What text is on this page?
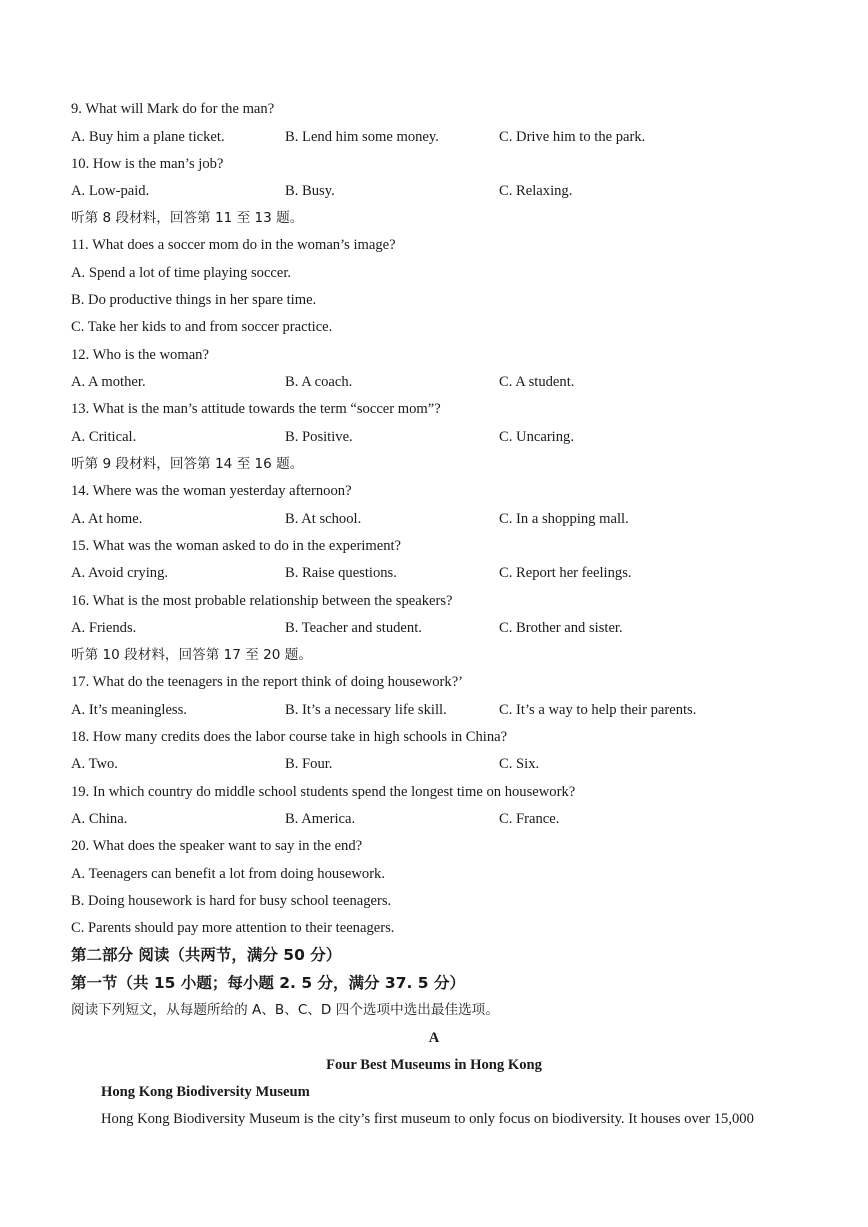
9. What will Mark do for the man?
A. Buy him a plane ticket.	B. Lend him some money.	C. Drive him to the park.
10. How is the man’s job?
A. Low-paid.	B. Busy.	C. Relaxing.
听第 8 段材料，回答第 11 至 13 题。
11. What does a soccer mom do in the woman’s image?
A. Spend a lot of time playing soccer.
B. Do productive things in her spare time.
C. Take her kids to and from soccer practice.
12. Who is the woman?
A. A mother.	B. A coach.	C. A student.
13. What is the man’s attitude towards the term “soccer mom”?
A. Critical.	B. Positive.	C. Uncaring.
听第 9 段材料，回答第 14 至 16 题。
14. Where was the woman yesterday afternoon?
A. At home.	B. At school.	C. In a shopping mall.
15. What was the woman asked to do in the experiment?
A. Avoid crying.	B. Raise questions.	C. Report her feelings.
16. What is the most probable relationship between the speakers?
A. Friends.	B. Teacher and student.	C. Brother and sister.
听第 10 段材料，回答第 17 至 20 题。
17. What do the teenagers in the report think of doing housework?’
A. It’s meaningless.	B. It’s a necessary life skill.	C. It’s a way to help their parents.
18. How many credits does the labor course take in high schools in China?
A. Two.	B. Four.	C. Six.
19. In which country do middle school students spend the longest time on housework?
A. China.	B. America.	C. France.
20. What does the speaker want to say in the end?
A. Teenagers can benefit a lot from doing housework.
B. Doing housework is hard for busy school teenagers.
C. Parents should pay more attention to their teenagers.
第二部分 阅读（共两节，满分 50 分）
第一节（共 15 小题；每小题 2. 5 分，满分 37. 5 分）
阅读下列短文，从每题所给的 A、B、C、D 四个选项中选出最佳选项。
A
Four Best Museums in Hong Kong
Hong Kong Biodiversity Museum
Hong Kong Biodiversity Museum is the city’s first museum to only focus on biodiversity. It houses over 15,000
